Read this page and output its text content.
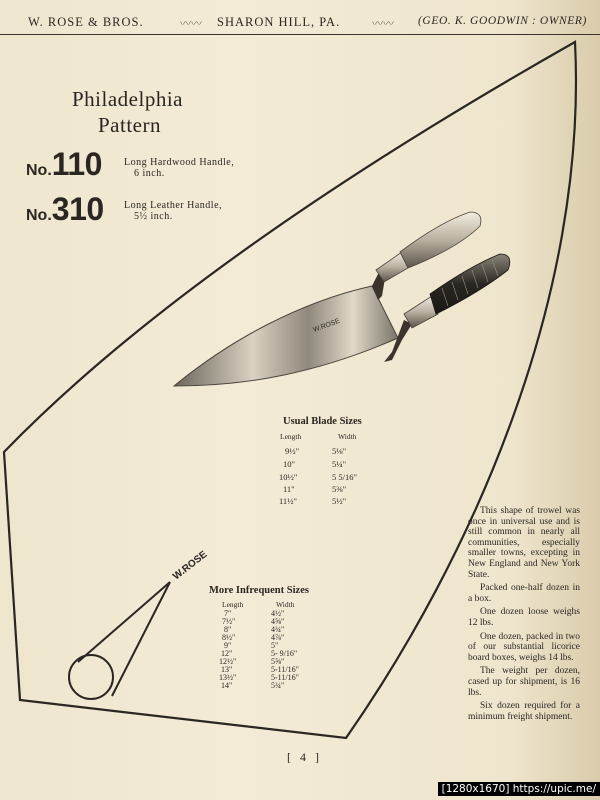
W. ROSE & BROS.	〰〰 SHARON HILL, PA.	〰〰 (GEO. K. GOODWIN : OWNER)
W.ROSE
W.ROSE
Philadelphia
Pattern
No.110 Long Hardwood Handle,
6 inch.
No.310 Long Leather Handle,
5½ inch.
Usual Blade Sizes
Length	Width
9½"	5⅛"
10"	5¼"
10½"	5 5/16"
11"	5⅜"
11½"	5½"
More Infrequent Sizes
Length	Width
7"	4½"
7½"	4⅝"
8"	4¾"
8½"	4⅞"
9"	5"
12"	5- 9/16"
12½"	5⅝"
13"	5-11/16"
13½"	5-11/16"
14"	5¾"

This shape of trowel was once in universal use and is still common in nearly all communities, especially smaller towns, excepting in New England and New York State.

Packed one-half dozen in a box.

One dozen loose weighs 12 lbs.

One dozen, packed in two of our substantial licorice board boxes, weighs 14 lbs.

The weight per dozen, cased up for shipment, is 16 lbs.

Six dozen required for a minimum freight shipment.

[ 4 ]
[1280x1670] https://upic.me/
